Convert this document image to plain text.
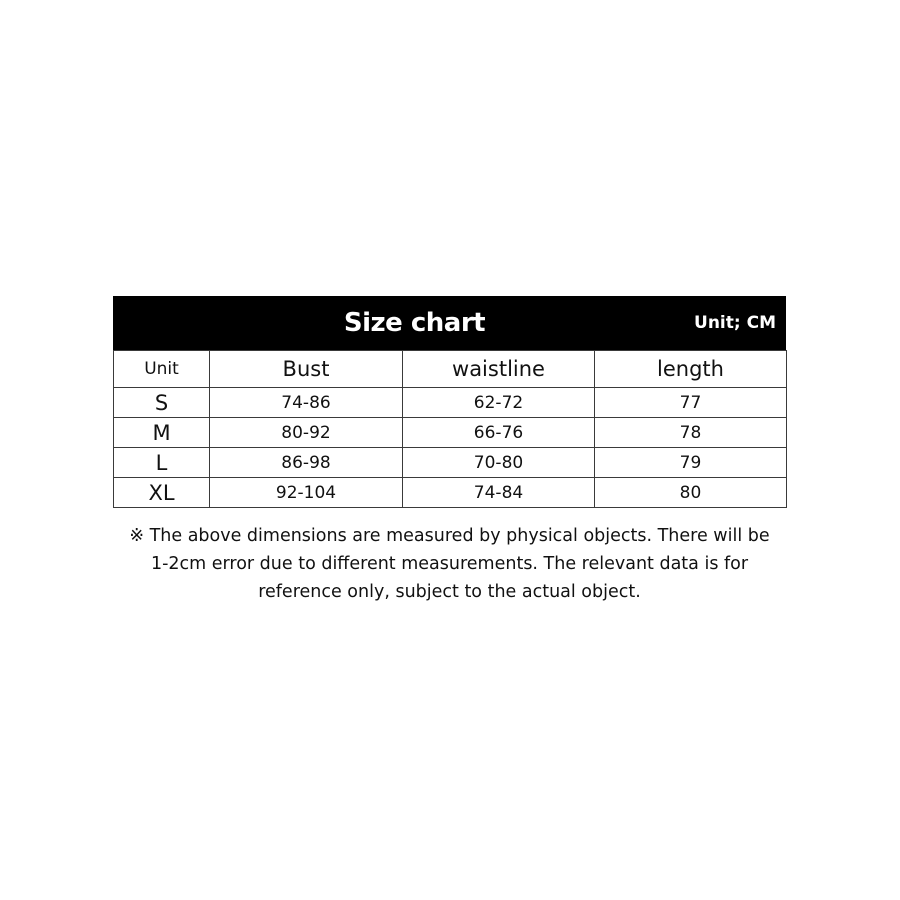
Size chart	Unit; CM
Unit	Bust	waistline	length
S	74-86	62-72	77
M	80-92	66-76	78
L	86-98	70-80	79
XL	92-104	74-84	80
※ The above dimensions are measured by physical objects. There will be
1-2cm error due to different measurements. The relevant data is for
reference only, subject to the actual object.
